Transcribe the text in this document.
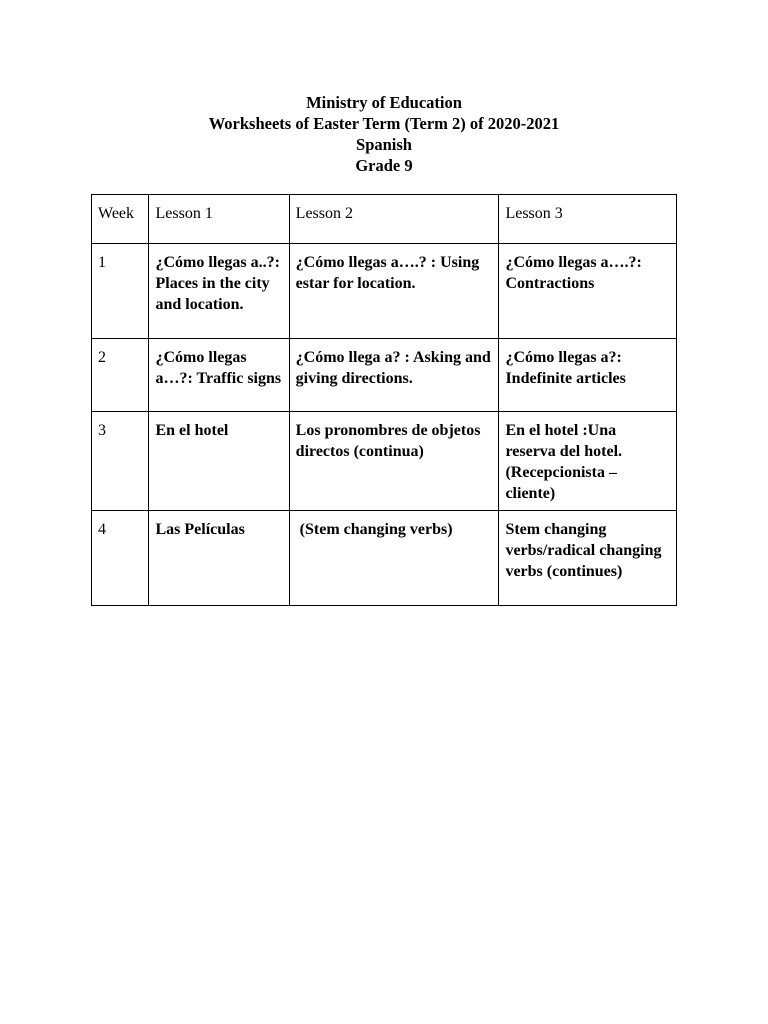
Ministry of Education
Worksheets of Easter Term (Term 2) of 2020-2021
Spanish
Grade 9
Week	Lesson 1	Lesson 2	Lesson 3
1	¿Cómo llegas a..?: Places in the city and location.	¿Cómo llegas a….? : Using estar for location.	¿Cómo llegas a….?: Contractions
2	¿Cómo llegas a…?: Traffic signs	¿Cómo llega a? : Asking and giving directions.	¿Cómo llegas a?: Indefinite articles
3	En el hotel	Los pronombres de objetos directos (continua)	En el hotel :Una reserva del hotel. (Recepcionista – cliente)
4	Las Películas	(Stem changing verbs)	Stem changing verbs/radical changing verbs (continues)
